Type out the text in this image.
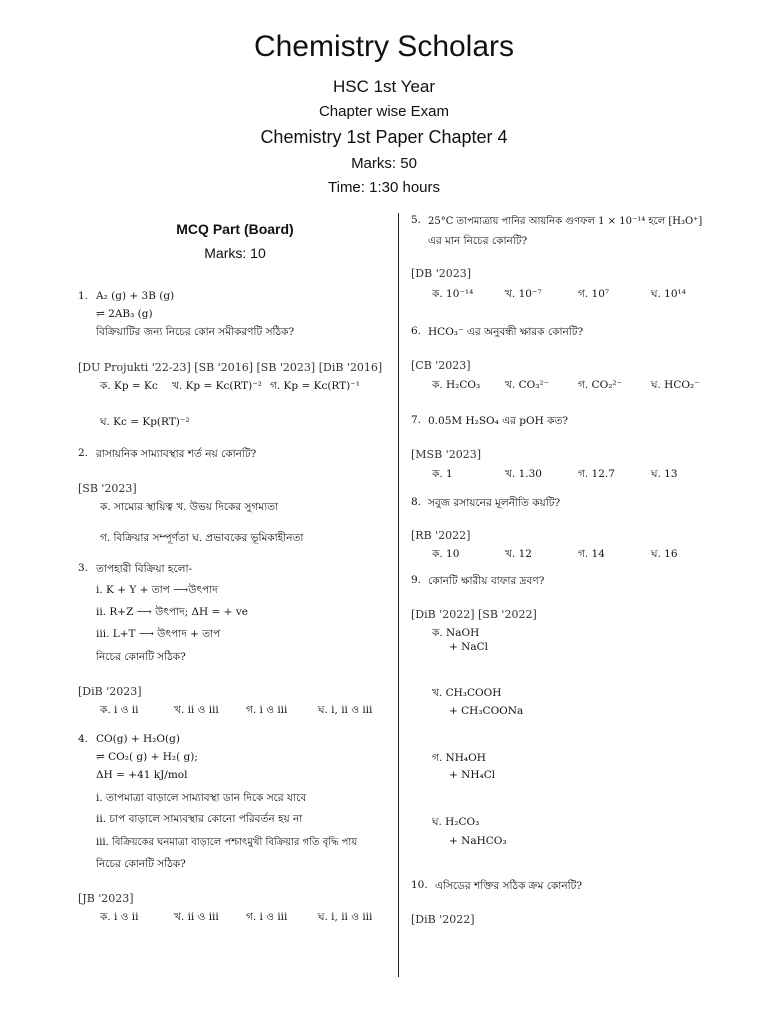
Chemistry Scholars
HSC 1st Year
Chapter wise Exam
Chemistry 1st Paper Chapter 4
Marks: 50
Time: 1:30 hours
MCQ Part (Board)
Marks: 10
1. A₂ (g) + 3B (g)
⇌ 2AB₃ (g)
বিক্রিয়াটির জন্য নিচের কোন সমীকরণটি সঠিক?
[DU Projukti '22-23] [SB '2016] [SB '2023] [DiB '2016]
ক. Kp = Kc খ. Kp = Kc(RT)⁻² গ. Kp = Kc(RT)⁻¹
ঘ. Kc = Kp(RT)⁻²
2. রাসায়নিক সাম্যাবস্থার শর্ত নয় কোনটি?
[SB '2023]
ক. সাম্যের স্থায়িত্ব খ. উভয় দিকের সুগম্যতা
গ. বিক্রিয়ার সম্পূর্ণতা ঘ. প্রভাবকের ভূমিকাহীনতা
3. তাপহারী বিক্রিয়া হলো-
i. K + Y + তাপ ⟶উৎপাদ
ii. R+Z ⟶ উৎপাদ; ΔH = + ve
iii. L+T ⟶ উৎপাদ + তাপ
নিচের কোনটি সঠিক?
[DiB '2023]
ক. i ও ii	খ. ii ও iii	গ. i ও iii	ঘ. i, ii ও iii
4. CO(g) + H₂O(g)
⇌ CO₂( g) + H₂( g);
ΔH = +41 kJ/mol
i. তাপমাত্রা বাড়ালে সাম্যাবস্থা ডান দিকে সরে যাবে
ii. চাপ বাড়ালে সাম্যবস্থার কোনো পরিবর্তন হয় না
iii. বিক্রিয়কের ঘনমাত্রা বাড়ালে পশ্চাৎমুখী বিক্রিয়ার গতি বৃদ্ধি পায়
নিচের কোনটি সঠিক?
[JB '2023]
ক. i ও ii	খ. ii ও iii	গ. i ও iii	ঘ. i, ii ও iii
5. 25°C তাপমাত্রায় পানির আয়নিক গুণফল 1 × 10⁻¹⁴ হলে [H₃O⁺]
এর মান নিচের কোনটি?
[DB '2023]
ক. 10⁻¹⁴	খ. 10⁻⁷	গ. 10⁷	ঘ. 10¹⁴
6. HCO₃⁻ এর অনুবন্ধী ক্ষারক কোনটি?
[CB '2023]
ক. H₂CO₃ খ. CO₃²⁻	গ. CO₂²⁻	ঘ. HCO₂⁻
7. 0.05M H₂SO₄ এর pOH কত?
[MSB '2023]
ক. 1	খ. 1.30	গ. 12.7	ঘ. 13
8. সবুজ রসায়নের মূলনীতি কয়টি?
[RB '2022]
ক. 10	খ. 12	গ. 14	ঘ. 16
9. কোনটি ক্ষারীয় বাফার দ্রবণ?
[DiB '2022] [SB '2022]
ক. NaOH
+ NaCl
খ. CH₃COOH
+ CH₃COONa
গ. NH₄OH
+ NH₄Cl
ঘ. H₂CO₃
+ NaHCO₃
10. এসিডের শক্তির সঠিক ক্রম কোনটি?
[DiB '2022]
